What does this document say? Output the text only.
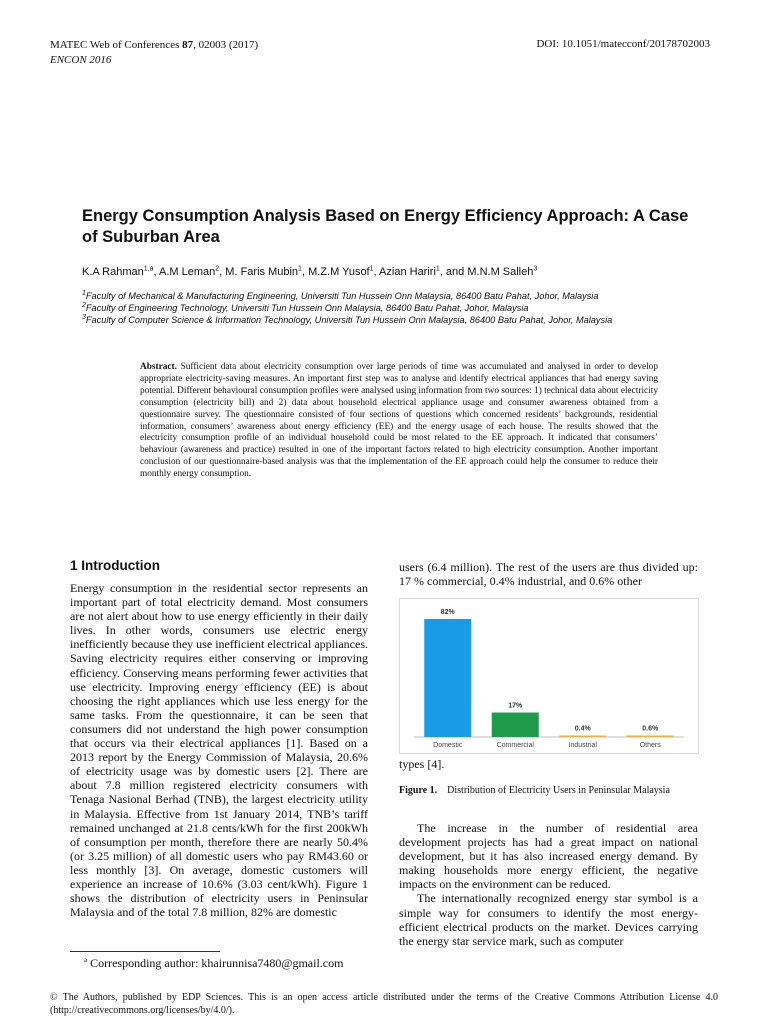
MATEC Web of Conferences 87, 02003 (2017)
ENCON 2016
DOI: 10.1051/matecconf/20178702003
Energy Consumption Analysis Based on Energy Efficiency Approach: A Case of Suburban Area
K.A Rahman$^{1,a}$, A.M Leman$^2$, M. Faris Mubin$^1$, M.Z.M Yusof$^1$, Azian Hariri$^1$, and M.N.M Salleh$^3$
$^1$Faculty of Mechanical & Manufacturing Engineering, Universiti Tun Hussein Onn Malaysia, 86400 Batu Pahat, Johor, Malaysia
$^2$Faculty of Engineering Technology, Universiti Tun Hussein Onn Malaysia, 86400 Batu Pahat, Johor, Malaysia
$^3$Faculty of Computer Science & Information Technology, Universiti Tun Hussein Onn Malaysia, 86400 Batu Pahat, Johor, Malaysia
Abstract. Sufficient data about electricity consumption over large periods of time was accumulated and analysed in order to develop appropriate electricity-saving measures. An important first step was to analyse and identify electrical appliances that had energy saving potential. Different behavioural consumption profiles were analysed using information from two sources: 1) technical data about electricity consumption (electricity bill) and 2) data about household electrical appliance usage and consumer awareness obtained from a questionnaire survey. The questionnaire consisted of four sections of questions which concerned residents’ backgrounds, residential information, consumers’ awareness about energy efficiency (EE) and the energy usage of each house. The results showed that the electricity consumption profile of an individual household could be most related to the EE approach. It indicated that consumers’ behaviour (awareness and practice) resulted in one of the important factors related to high electricity consumption. Another important conclusion of our questionnaire-based analysis was that the implementation of the EE approach could help the consumer to reduce their monthly energy consumption.
1 Introduction

Energy consumption in the residential sector represents an important part of total electricity demand. Most consumers are not alert about how to use energy efficiently in their daily lives. In other words, consumers use electric energy inefficiently because they use inefficient electrical appliances. Saving electricity requires either conserving or improving efficiency. Conserving means performing fewer activities that use electricity. Improving energy efficiency (EE) is about choosing the right appliances which use less energy for the same tasks. From the questionnaire, it can be seen that consumers did not understand the high power consumption that occurs via their electrical appliances [1]. Based on a 2013 report by the Energy Commission of Malaysia, 20.6% of electricity usage was by domestic users [2]. There are about 7.8 million registered electricity consumers with Tenaga Nasional Berhad (TNB), the largest electricity utility in Malaysia. Effective from 1st January 2014, TNB’s tariff remained unchanged at 21.8 cents/kWh for the first 200kWh of consumption per month, therefore there are nearly 50.4% (or 3.25 million) of all domestic users who pay RM43.60 or less monthly [3]. On average, domestic customers will experience an increase of 10.6% (3.03 cent/kWh). Figure 1 shows the distribution of electricity users in Peninsular Malaysia and of the total 7.8 million, 82% are domestic

users (6.4 million). The rest of the users are thus divided up: 17 % commercial, 0.4% industrial, and 0.6% other

82%
Domestic
17%
Commercial
0.4%
Industrial
0.6%
Others
types [4].
Figure 1. Distribution of Electricity Users in Peninsular Malaysia

The increase in the number of residential area development projects has had a great impact on national development, but it has also increased energy demand. By making households more energy efficient, the negative impacts on the environment can be reduced.

The internationally recognized energy star symbol is a simple way for consumers to identify the most energy-efficient electrical products on the market. Devices carrying the energy star service mark, such as computer

$^a$ Corresponding author: khairunnisa7480@gmail.com
© The Authors, published by EDP Sciences. This is an open access article distributed under the terms of the Creative Commons Attribution License 4.0 (http://creativecommons.org/licenses/by/4.0/).
